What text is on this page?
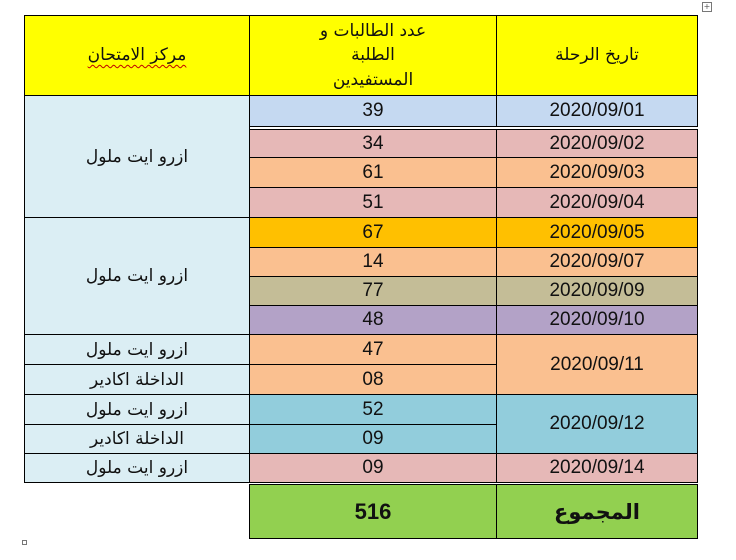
+
مركز الامتحان
عدد الطالبات و الطلبة المستفيدين
تاريخ الرحلة
ازرو ايت ملول
ازرو ايت ملول
ازرو ايت ملول
الداخلة اكادير
ازرو ايت ملول
الداخلة اكادير
ازرو ايت ملول
39
34
61
51
67
14
77
48
47
08
52
09
09
2020/09/01
2020/09/02
2020/09/03
2020/09/04
2020/09/05
2020/09/07
2020/09/09
2020/09/10
2020/09/11
2020/09/12
2020/09/14
516	المجموع
